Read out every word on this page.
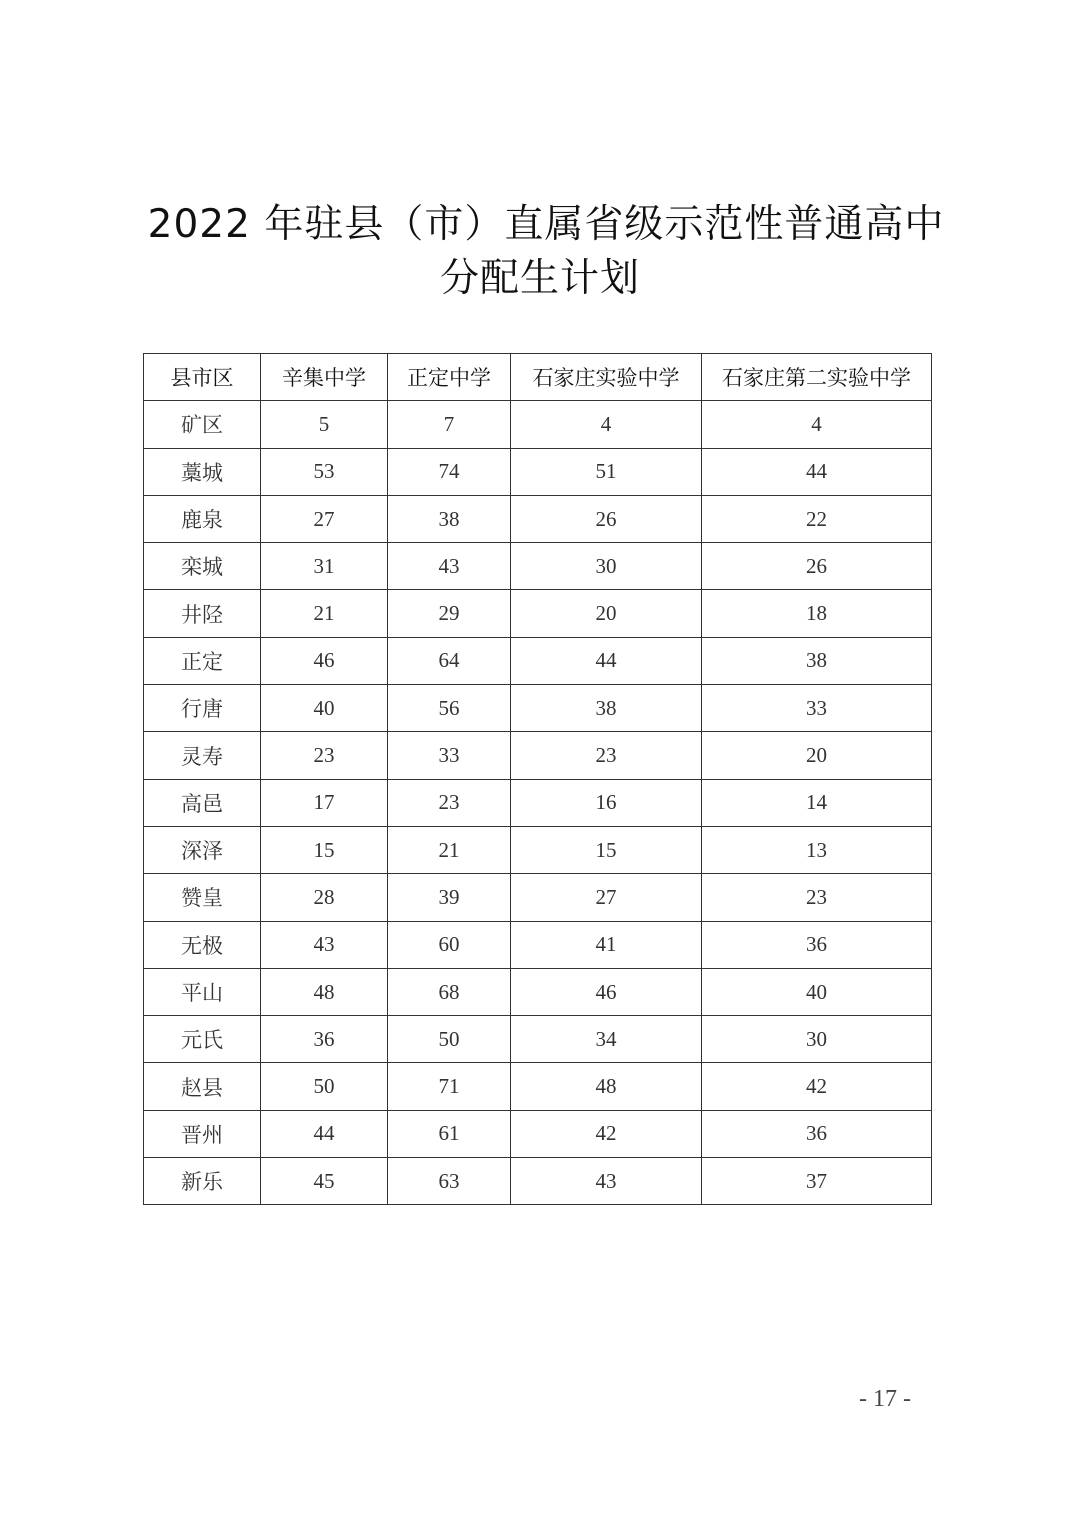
2022 年驻县（市）直属省级示范性普通高中
分配生计划
县市区	辛集中学	正定中学	石家庄实验中学	石家庄第二实验中学
矿区	5	7	4	4
藁城	53	74	51	44
鹿泉	27	38	26	22
栾城	31	43	30	26
井陉	21	29	20	18
正定	46	64	44	38
行唐	40	56	38	33
灵寿	23	33	23	20
高邑	17	23	16	14
深泽	15	21	15	13
赞皇	28	39	27	23
无极	43	60	41	36
平山	48	68	46	40
元氏	36	50	34	30
赵县	50	71	48	42
晋州	44	61	42	36
新乐	45	63	43	37
- 17 -
